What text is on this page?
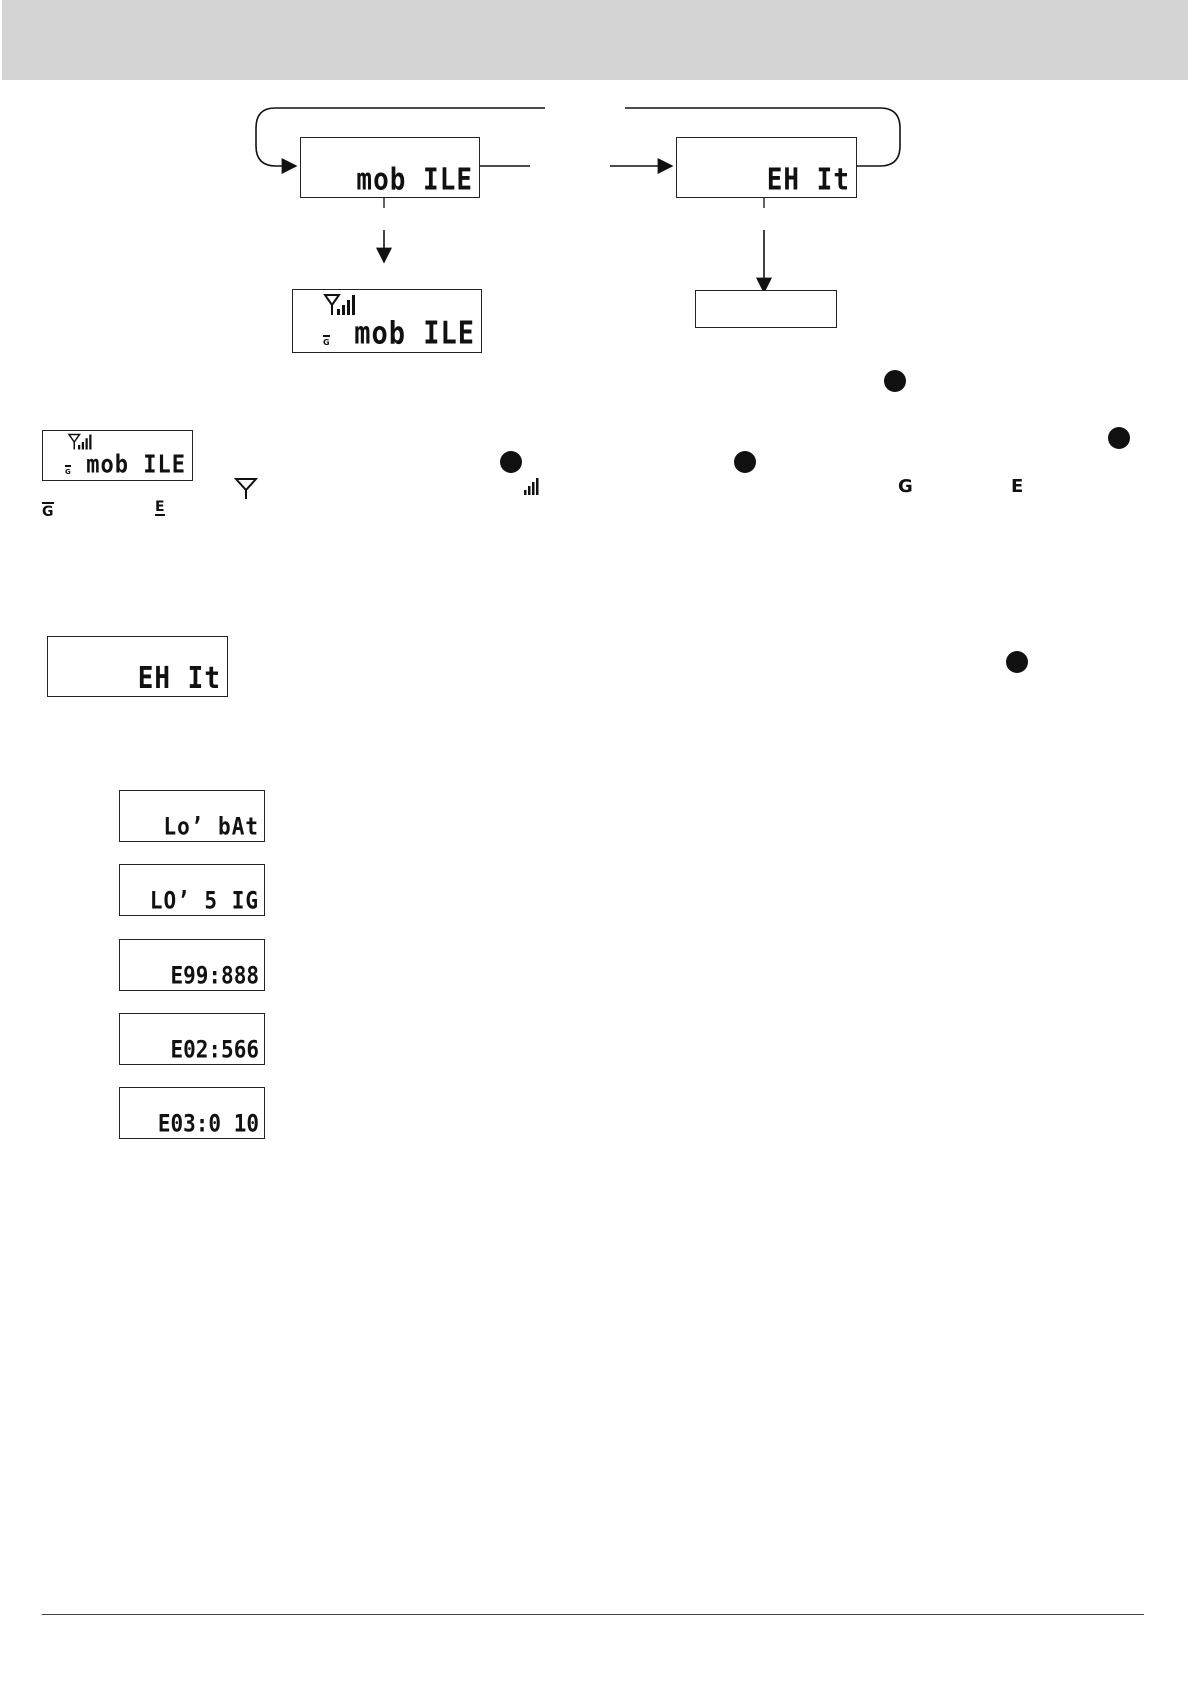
mob ILE	EH It
G mob ILE
G mob ILE
G	E
G	E
EH It
Lo’ bAt
LO’ 5 IG
E99:888
E02:566
E03:0 10
